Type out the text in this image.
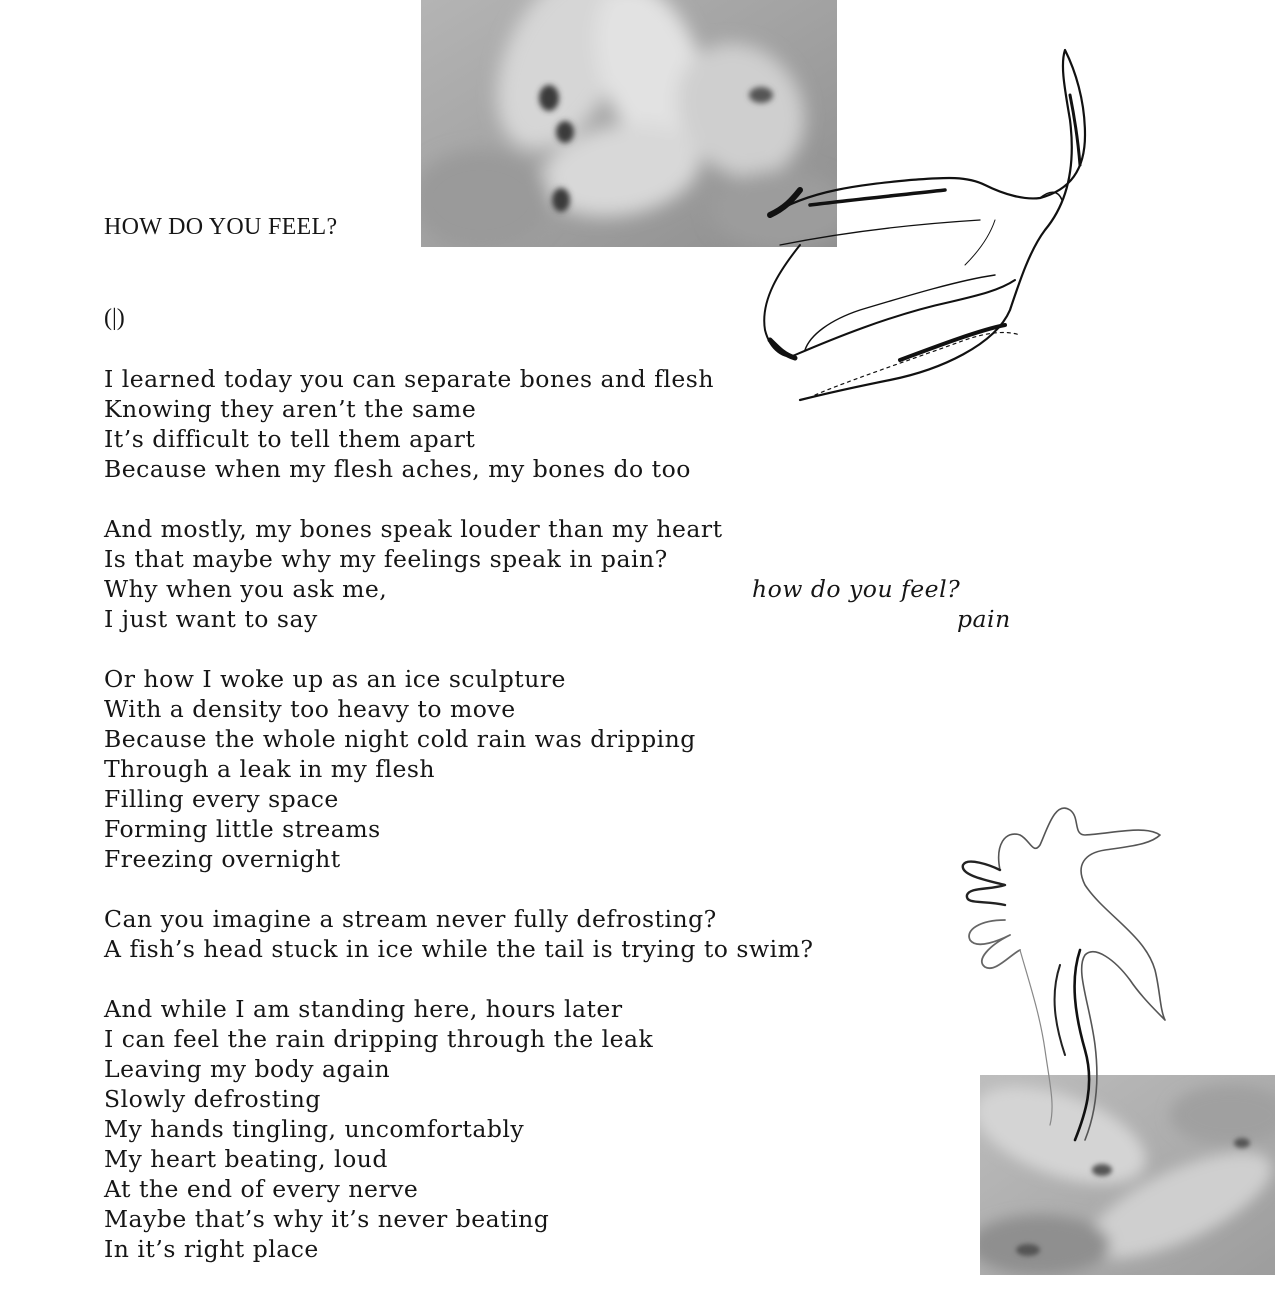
HOW DO YOU FEEL?
(|)
I learned today you can separate bones and flesh
Knowing they aren’t the same
It’s difficult to tell them apart
Because when my flesh aches, my bones do too
And mostly, my bones speak louder than my heart
Is that maybe why my feelings speak in pain?
Why when you ask me,	how do you feel?
I just want to say	pain
Or how I woke up as an ice sculpture
With a density too heavy to move
Because the whole night cold rain was dripping
Through a leak in my flesh
Filling every space
Forming little streams
Freezing overnight
Can you imagine a stream never fully defrosting?
A fish’s head stuck in ice while the tail is trying to swim?
And while I am standing here, hours later
I can feel the rain dripping through the leak
Leaving my body again
Slowly defrosting
My hands tingling, uncomfortably
My heart beating, loud
At the end of every nerve
Maybe that’s why it’s never beating
In it’s right place
